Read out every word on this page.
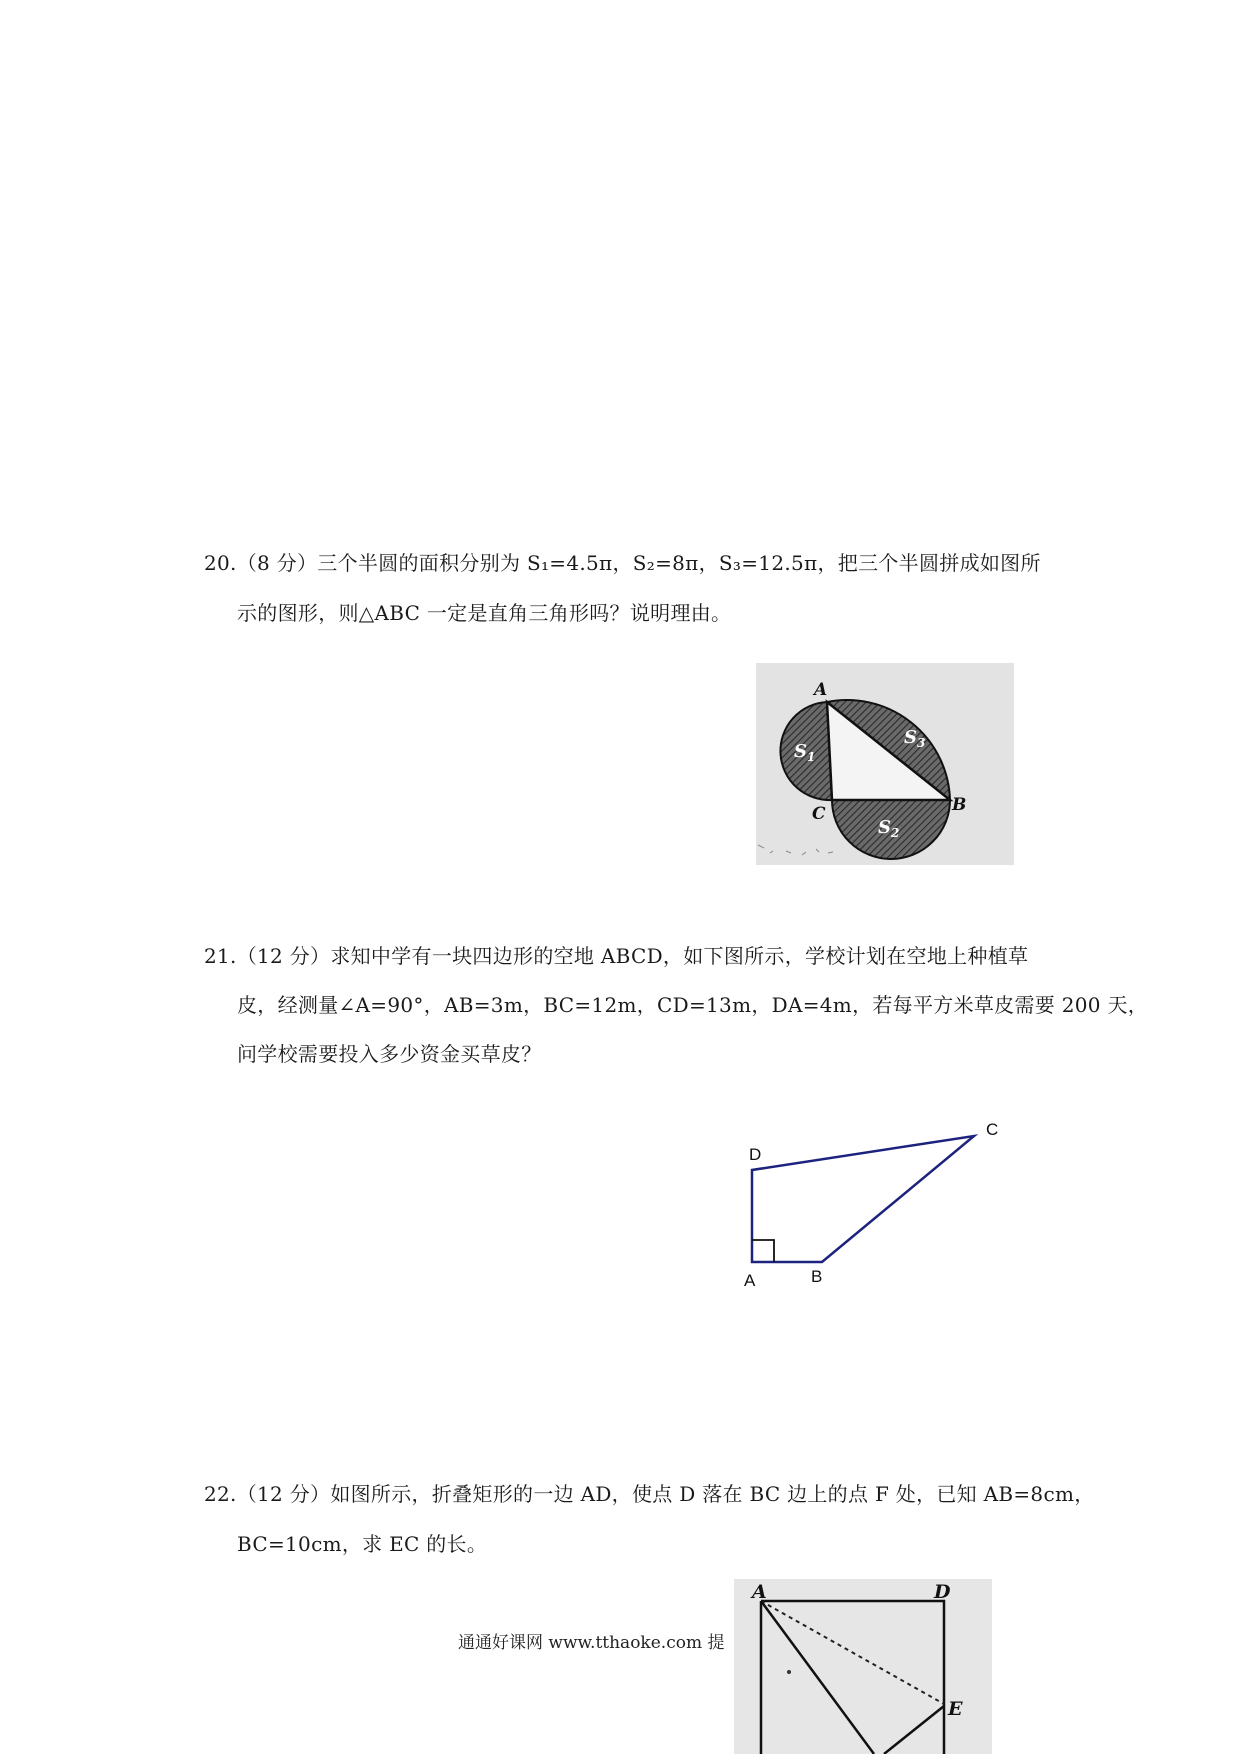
20.（8 分）三个半圆的面积分别为 S₁=4.5π，S₂=8π，S₃=12.5π，把三个半圆拼成如图所
示的图形，则△ABC 一定是直角三角形吗？说明理由。
A
C	B
$S_1$
$S_3$
$S_2$
21.（12 分）求知中学有一块四边形的空地 ABCD，如下图所示，学校计划在空地上种植草
皮，经测量∠A=90°，AB=3m，BC=12m，CD=13m，DA=4m，若每平方米草皮需要 200 天，
问学校需要投入多少资金买草皮？
D
A	B
C
22.（12 分）如图所示，折叠矩形的一边 AD，使点 D 落在 BC 边上的点 F 处，已知 AB=8cm，
BC=10cm，求 EC 的长。
A	D
E
通通好课网 www.tthaoke.com 提
